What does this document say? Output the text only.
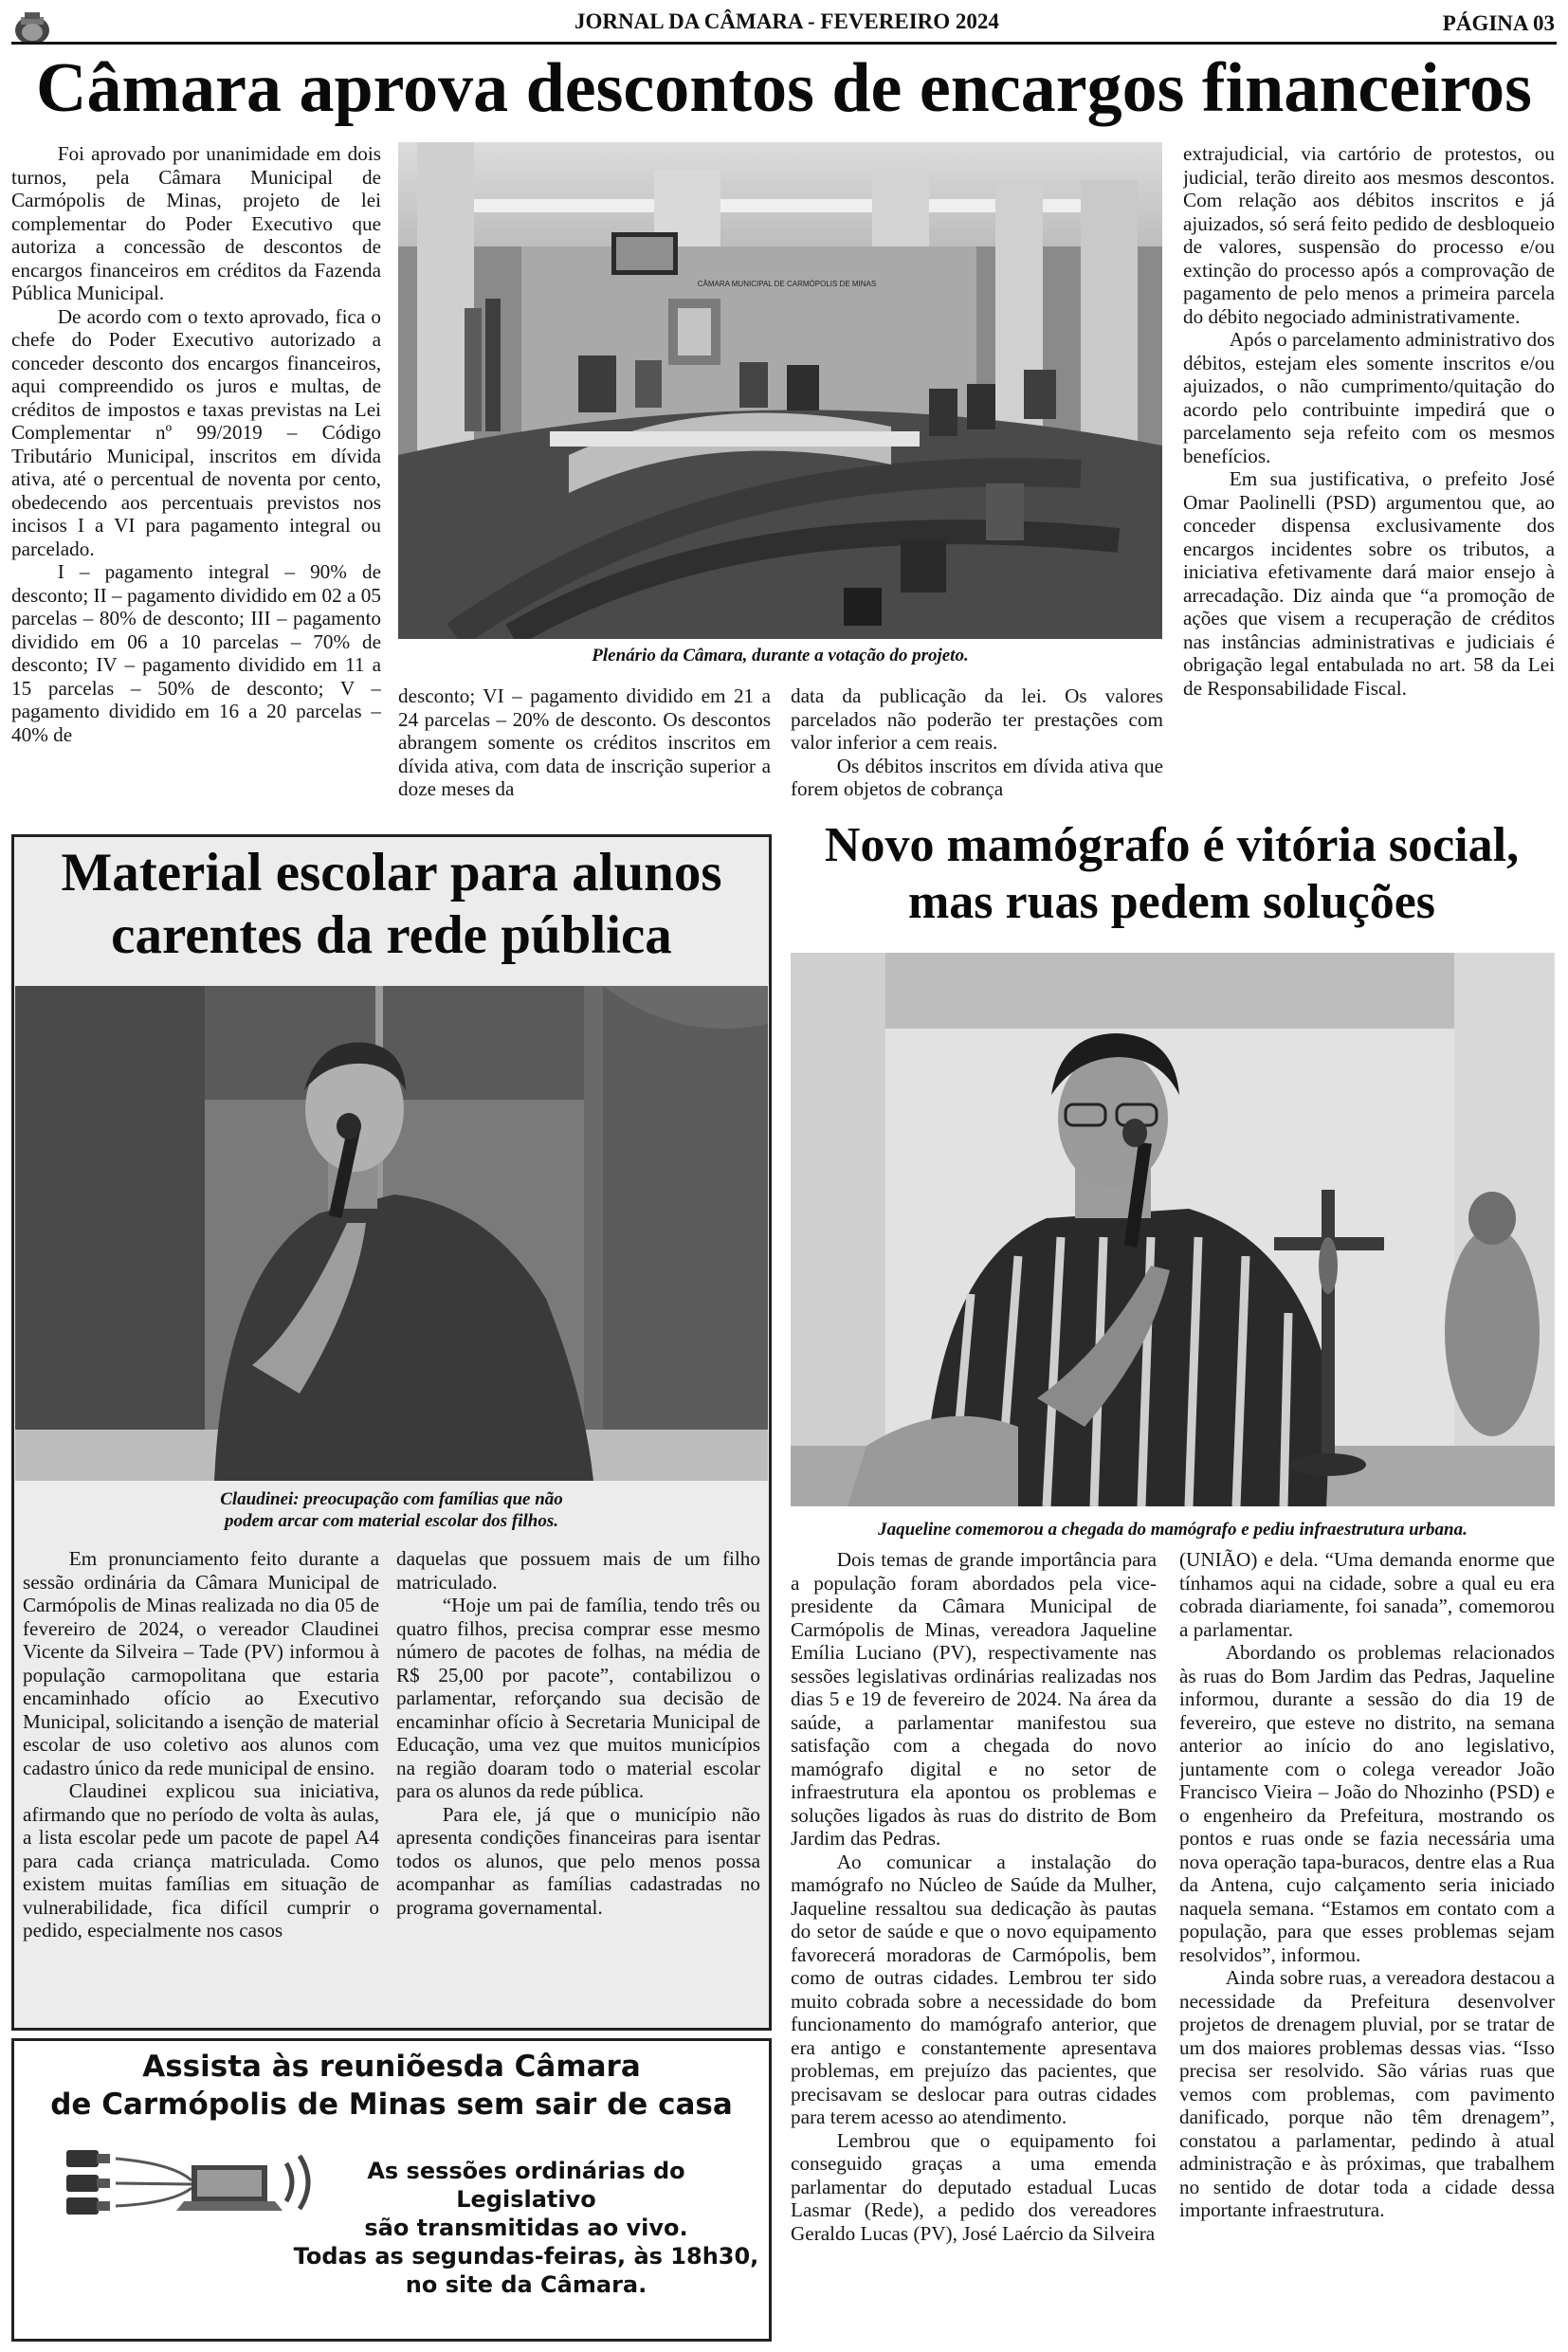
JORNAL DA CÂMARA - FEVEREIRO 2024	PÁGINA 03
Câmara aprova descontos de encargos financeiros

Foi aprovado por unanimidade em dois turnos, pela Câmara Municipal de Carmópolis de Minas, projeto de lei complementar do Poder Executivo que autoriza a concessão de descontos de encargos financeiros em créditos da Fazenda Pública Municipal.

De acordo com o texto aprovado, fica o chefe do Poder Executivo autorizado a conceder desconto dos encargos financeiros, aqui compreendido os juros e multas, de créditos de impostos e taxas previstas na Lei Complementar nº 99/2019 – Código Tributário Municipal, inscritos em dívida ativa, até o percentual de noventa por cento, obedecendo aos percentuais previstos nos incisos I a VI para pagamento integral ou parcelado.

I – pagamento integral – 90% de desconto; II – pagamento dividido em 02 a 05 parcelas – 80% de desconto; III – pagamento dividido em 06 a 10 parcelas – 70% de desconto; IV – pagamento dividido em 11 a 15 parcelas – 50% de desconto; V – pagamento dividido em 16 a 20 parcelas – 40% de

CÂMARA MUNICIPAL DE CARMÓPOLIS DE MINAS
Plenário da Câmara, durante a votação do projeto.

desconto; VI – pagamento dividido em 21 a 24 parcelas – 20% de desconto. Os descontos abrangem somente os créditos inscritos em dívida ativa, com data de inscrição superior a doze meses da

data da publicação da lei. Os valores parcelados não poderão ter prestações com valor inferior a cem reais.

Os débitos inscritos em dívida ativa que forem objetos de cobrança

extrajudicial, via cartório de protestos, ou judicial, terão direito aos mesmos descontos. Com relação aos débitos inscritos e já ajuizados, só será feito pedido de desbloqueio de valores, suspensão do processo e/ou extinção do processo após a comprovação de pagamento de pelo menos a primeira parcela do débito negociado administrativamente.

Após o parcelamento administrativo dos débitos, estejam eles somente inscritos e/ou ajuizados, o não cumprimento/quitação do acordo pelo contribuinte impedirá que o parcelamento seja refeito com os mesmos benefícios.

Em sua justificativa, o prefeito José Omar Paolinelli (PSD) argumentou que, ao conceder dispensa exclusivamente dos encargos incidentes sobre os tributos, a iniciativa efetivamente dará maior ensejo à arrecadação. Diz ainda que “a promoção de ações que visem a recuperação de créditos nas instâncias administrativas e judiciais é obrigação legal entabulada no art. 58 da Lei de Responsabilidade Fiscal.

Material escolar para alunos
carentes da rede pública
Claudinei: preocupação com famílias que não
podem arcar com material escolar dos filhos.

Em pronunciamento feito durante a sessão ordinária da Câmara Municipal de Carmópolis de Minas realizada no dia 05 de fevereiro de 2024, o vereador Claudinei Vicente da Silveira – Tade (PV) informou à população carmopolitana que estaria encaminhado ofício ao Executivo Municipal, solicitando a isenção de material escolar de uso coletivo aos alunos com cadastro único da rede municipal de ensino.

Claudinei explicou sua iniciativa, afirmando que no período de volta às aulas, a lista escolar pede um pacote de papel A4 para cada criança matriculada. Como existem muitas famílias em situação de vulnerabilidade, fica difícil cumprir o pedido, especialmente nos casos

daquelas que possuem mais de um filho matriculado.

“Hoje um pai de família, tendo três ou quatro filhos, precisa comprar esse mesmo número de pacotes de folhas, na média de R$ 25,00 por pacote”, contabilizou o parlamentar, reforçando sua decisão de encaminhar ofício à Secretaria Municipal de Educação, uma vez que muitos municípios na região doaram todo o material escolar para os alunos da rede pública.

Para ele, já que o município não apresenta condições financeiras para isentar todos os alunos, que pelo menos possa acompanhar as famílias cadastradas no programa governamental.

Novo mamógrafo é vitória social,
mas ruas pedem soluções
Jaqueline comemorou a chegada do mamógrafo e pediu infraestrutura urbana.

Dois temas de grande importância para a população foram abordados pela vice-presidente da Câmara Municipal de Carmópolis de Minas, vereadora Jaqueline Emília Luciano (PV), respectivamente nas sessões legislativas ordinárias realizadas nos dias 5 e 19 de fevereiro de 2024. Na área da saúde, a parlamentar manifestou sua satisfação com a chegada do novo mamógrafo digital e no setor de infraestrutura ela apontou os problemas e soluções ligados às ruas do distrito de Bom Jardim das Pedras.

Ao comunicar a instalação do mamógrafo no Núcleo de Saúde da Mulher, Jaqueline ressaltou sua dedicação às pautas do setor de saúde e que o novo equipamento favorecerá moradoras de Carmópolis, bem como de outras cidades. Lembrou ter sido muito cobrada sobre a necessidade do bom funcionamento do mamógrafo anterior, que era antigo e constantemente apresentava problemas, em prejuízo das pacientes, que precisavam se deslocar para outras cidades para terem acesso ao atendimento.

Lembrou que o equipamento foi conseguido graças a uma emenda parlamentar do deputado estadual Lucas Lasmar (Rede), a pedido dos vereadores Geraldo Lucas (PV), José Laércio da Silveira

(UNIÃO) e dela. “Uma demanda enorme que tínhamos aqui na cidade, sobre a qual eu era cobrada diariamente, foi sanada”, comemorou a parlamentar.

Abordando os problemas relacionados às ruas do Bom Jardim das Pedras, Jaqueline informou, durante a sessão do dia 19 de fevereiro, que esteve no distrito, na semana anterior ao início do ano legislativo, juntamente com o colega vereador João Francisco Vieira – João do Nhozinho (PSD) e o engenheiro da Prefeitura, mostrando os pontos e ruas onde se fazia necessária uma nova operação tapa-buracos, dentre elas a Rua da Antena, cujo calçamento seria iniciado naquela semana. “Estamos em contato com a população, para que esses problemas sejam resolvidos”, informou.

Ainda sobre ruas, a vereadora destacou a necessidade da Prefeitura desenvolver projetos de drenagem pluvial, por se tratar de um dos maiores problemas dessas vias. “Isso precisa ser resolvido. São várias ruas que vemos com problemas, com pavimento danificado, porque não têm drenagem”, constatou a parlamentar, pedindo à atual administração e às próximas, que trabalhem no sentido de dotar toda a cidade dessa importante infraestrutura.

Assista às reuniõesda Câmara
de Carmópolis de Minas sem sair de casa
As sessões ordinárias do
Legislativo
são transmitidas ao vivo.
Todas as segundas-feiras, às 18h30,
no site da Câmara.
